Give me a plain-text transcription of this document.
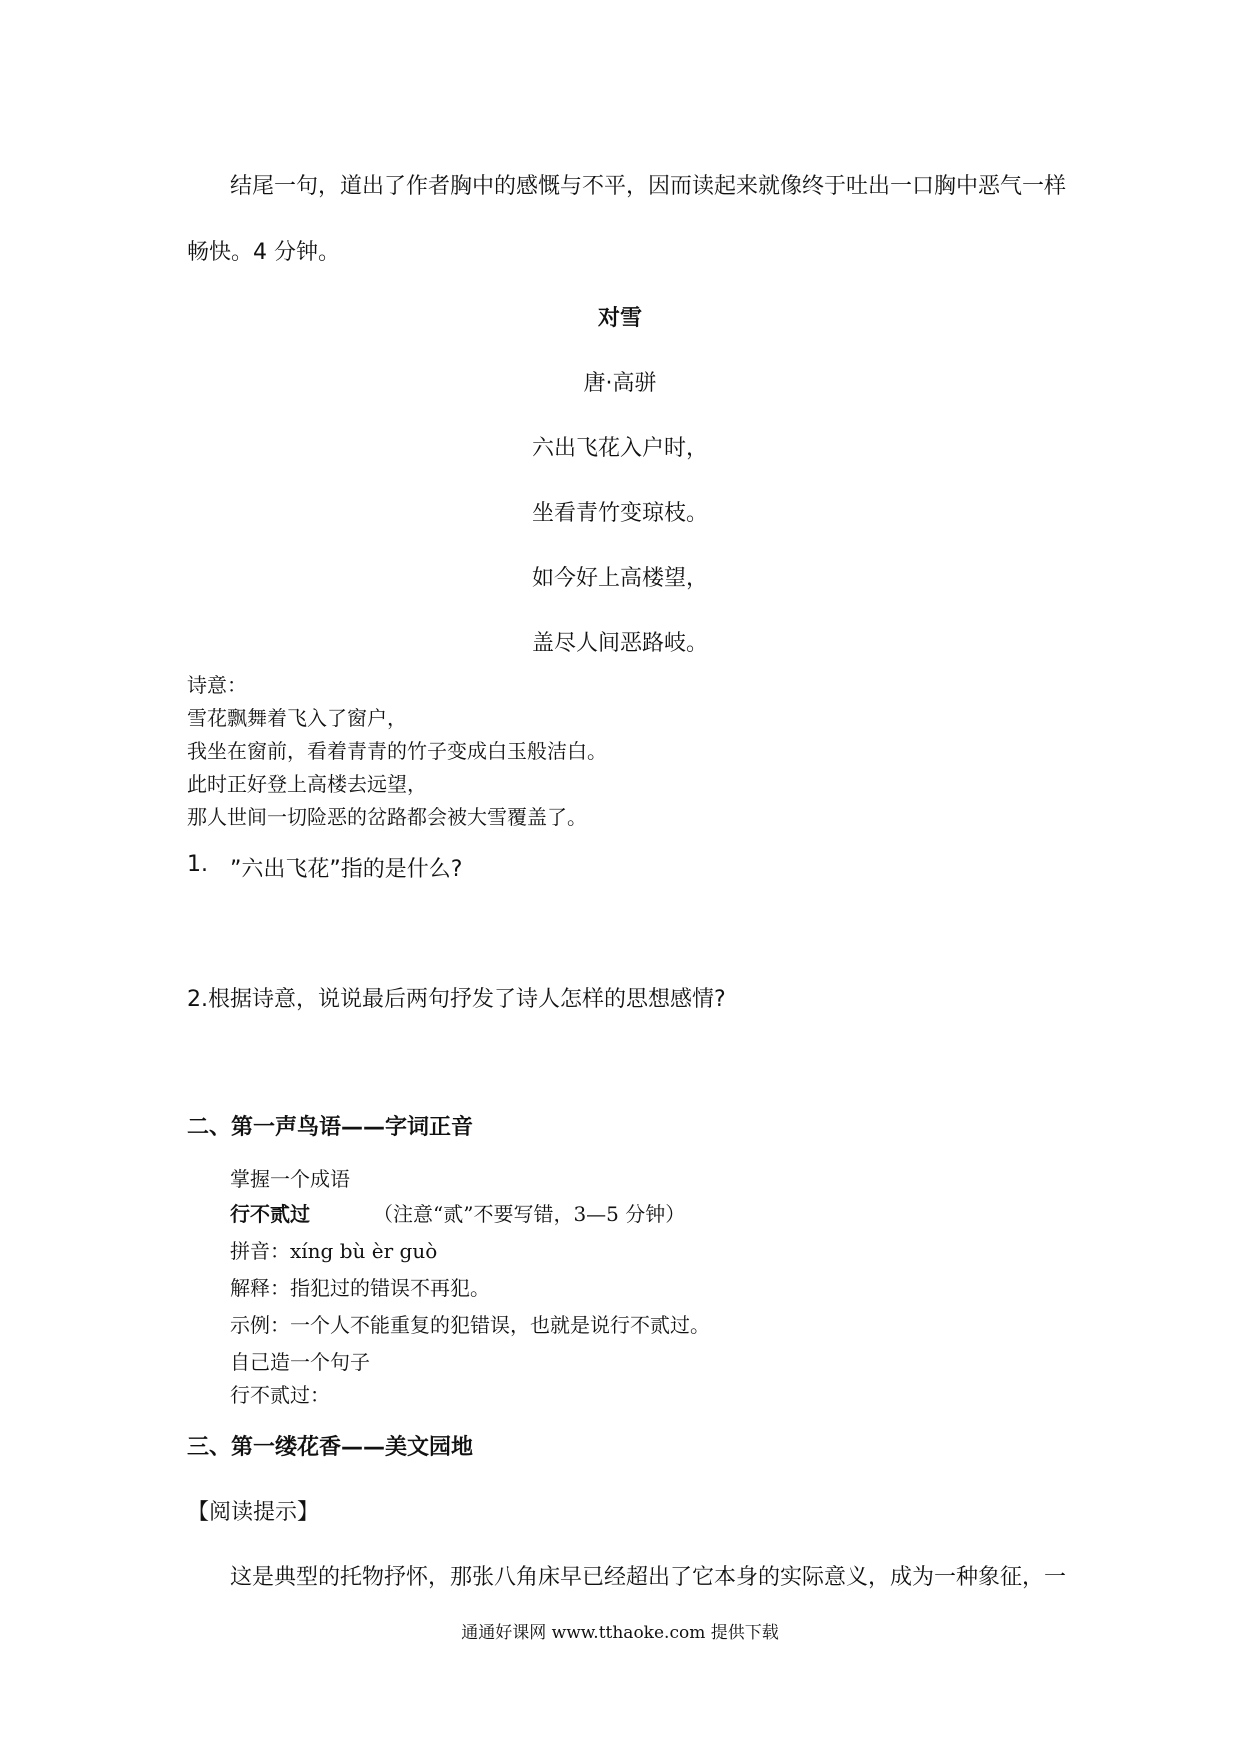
结尾一句，道出了作者胸中的感慨与不平，因而读起来就像终于吐出一口胸中恶气一样
畅快。4 分钟。
对雪
唐·高骈
六出飞花入户时，
坐看青竹变琼枝。
如今好上高楼望，
盖尽人间恶路岐。
诗意：
雪花飘舞着飞入了窗户，
我坐在窗前，看着青青的竹子变成白玉般洁白。
此时正好登上高楼去远望，
那人世间一切险恶的岔路都会被大雪覆盖了。
1. ”六出飞花”指的是什么?
2.根据诗意，说说最后两句抒发了诗人怎样的思想感情?
二、第一声鸟语——字词正音
掌握一个成语
行不贰过	（注意“贰”不要写错，3—5 分钟）
拼音：xíng bù èr guò
解释：指犯过的错误不再犯。
示例：一个人不能重复的犯错误，也就是说行不贰过。
自己造一个句子
行不贰过：
三、第一缕花香——美文园地
【阅读提示】
这是典型的托物抒怀，那张八角床早已经超出了它本身的实际意义，成为一种象征，一
通通好课网 www.tthaoke.com 提供下载
